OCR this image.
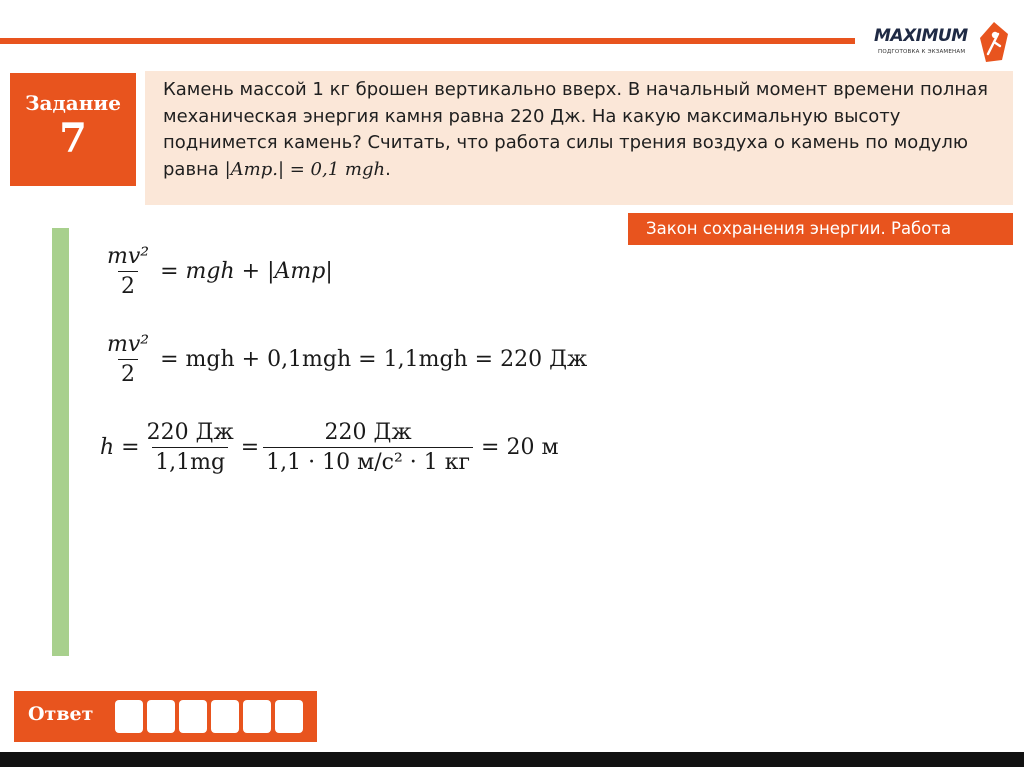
MAXIMUM
ПОДГОТОВКА К ЭКЗАМЕНАМ
Задание
7

Камень массой 1 кг брошен вертикально вверх. В начальный момент времени полная механическая энергия камня равна 220 Дж. На какую максимальную высоту поднимется камень? Считать, что работа силы трения воздуха о камень по модулю равна |Aтр.| = 0,1 mgh.

Закон сохранения энергии. Работа
$\frac{\text{mv²}}{2}$ = mgh + |Aтр|
$\frac{\text{mv²}}{2}$ = mgh + 0,1mgh = 1,1mgh = 220 Дж
$h = \frac{220 Дж}{1,1mg} = \frac{220 Дж}{\text{1,1 · 10 м/с² · 1 кг}} = 20$ м
Ответ
